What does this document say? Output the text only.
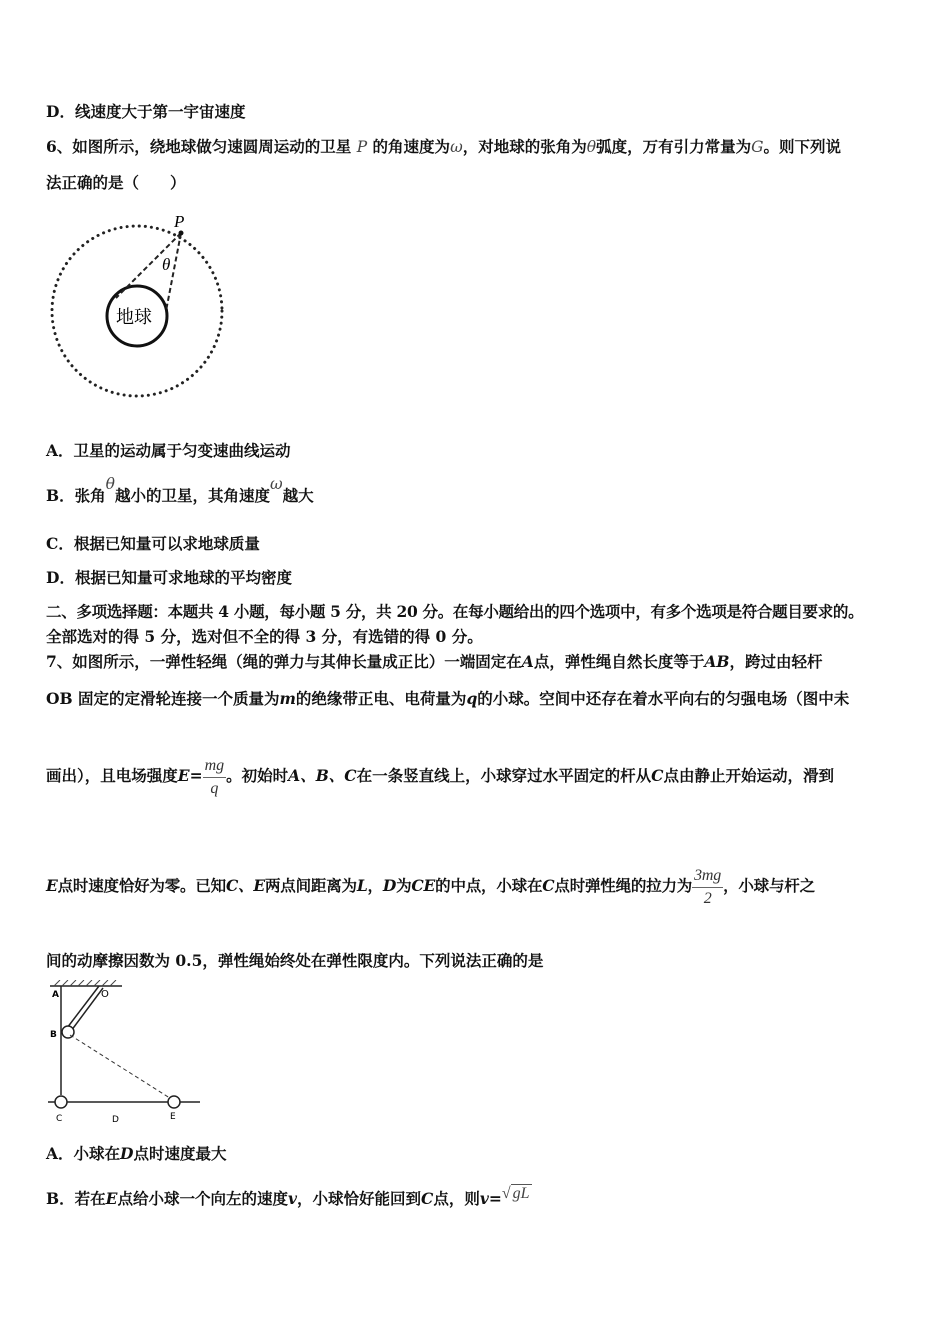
D．线速度大于第一宇宙速度
6、如图所示，绕地球做匀速圆周运动的卫星 P 的角速度为ω，对地球的张角为θ弧度，万有引力常量为G。则下列说
法正确的是（　　）
P
θ
地球
A．卫星的运动属于匀变速曲线运动
B．张角θ越小的卫星，其角速度ω越大
C．根据已知量可以求地球质量
D．根据已知量可求地球的平均密度
二、多项选择题：本题共 4 小题，每小题 5 分，共 20 分。在每小题给出的四个选项中，有多个选项是符合题目要求的。
全部选对的得 5 分，选对但不全的得 3 分，有选错的得 0 分。
7、如图所示，一弹性轻绳（绳的弹力与其伸长量成正比）一端固定在A点，弹性绳自然长度等于AB，跨过由轻杆
OB 固定的定滑轮连接一个质量为m的绝缘带正电、电荷量为q的小球。空间中还存在着水平向右的匀强电场（图中未
画出），且电场强度$E= \frac{mg}{q}$ 。初始时A、B、C在一条竖直线上，小球穿过水平固定的杆从C点由静止开始运动，滑到
E点时速度恰好为零。已知C、E两点间距离为L，D为CE的中点，小球在C点时弹性绳的拉力为 $\frac{3mg}{2}$ ，小球与杆之
间的动摩擦因数为 0.5，弹性绳始终处在弹性限度内。下列说法正确的是
A	O
B
C	D	E
A．小球在D点时速度最大
B．若在E点给小球一个向左的速度v，小球恰好能回到C点，则v=√ gL
